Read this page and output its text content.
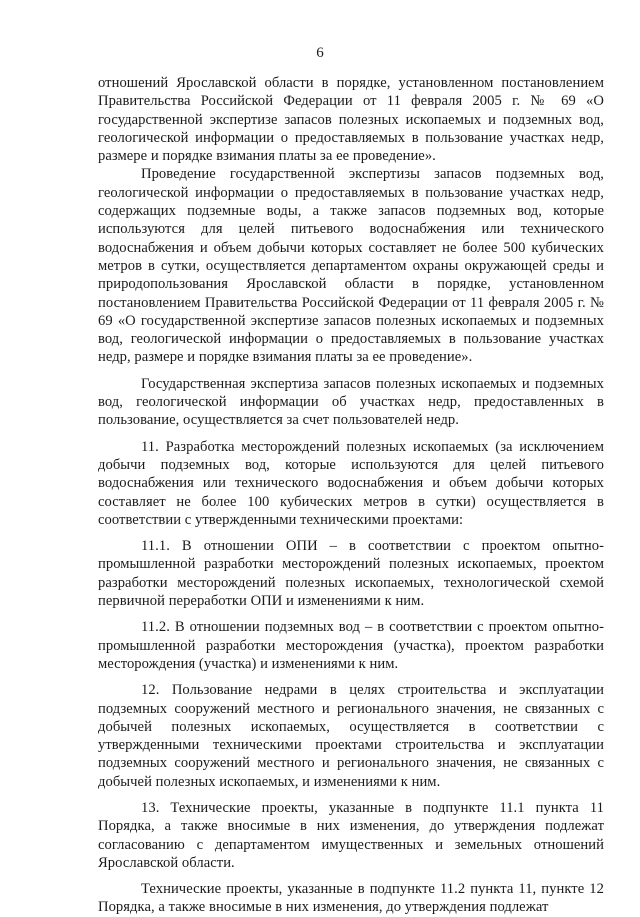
6

отношений Ярославской области в порядке, установленном постановлением Правительства Российской Федерации от 11 февраля 2005 г. № 69 «О государственной экспертизе запасов полезных ископаемых и подземных вод, геологической информации о предоставляемых в пользование участках недр, размере и порядке взимания платы за ее проведение».

Проведение государственной экспертизы запасов подземных вод, геологической информации о предоставляемых в пользование участках недр, содержащих подземные воды, а также запасов подземных вод, которые используются для целей питьевого водоснабжения или технического водоснабжения и объем добычи которых составляет не более 500 кубических метров в сутки, осуществляется департаментом охраны окружающей среды и природопользования Ярославской области в порядке, установленном постановлением Правительства Российской Федерации от 11 февраля 2005 г. № 69 «О государственной экспертизе запасов полезных ископаемых и подземных вод, геологической информации о предоставляемых в пользование участках недр, размере и порядке взимания платы за ее проведение».

Государственная экспертиза запасов полезных ископаемых и подземных вод, геологической информации об участках недр, предоставленных в пользование, осуществляется за счет пользователей недр.

11. Разработка месторождений полезных ископаемых (за исключением добычи подземных вод, которые используются для целей питьевого водоснабжения или технического водоснабжения и объем добычи которых составляет не более 100 кубических метров в сутки) осуществляется в соответствии с утвержденными техническими проектами:

11.1. В отношении ОПИ – в соответствии с проектом опытно-промышленной разработки месторождений полезных ископаемых, проектом разработки месторождений полезных ископаемых, технологической схемой первичной переработки ОПИ и изменениями к ним.

11.2. В отношении подземных вод – в соответствии с проектом опытно-промышленной разработки месторождения (участка), проектом разработки месторождения (участка) и изменениями к ним.

12. Пользование недрами в целях строительства и эксплуатации подземных сооружений местного и регионального значения, не связанных с добычей полезных ископаемых, осуществляется в соответствии с утвержденными техническими проектами строительства и эксплуатации подземных сооружений местного и регионального значения, не связанных с добычей полезных ископаемых, и изменениями к ним.

13. Технические проекты, указанные в подпункте 11.1 пункта 11 Порядка, а также вносимые в них изменения, до утверждения подлежат согласованию с департаментом имущественных и земельных отношений Ярославской области.

Технические проекты, указанные в подпункте 11.2 пункта 11, пункте 12 Порядка, а также вносимые в них изменения, до утверждения подлежат
